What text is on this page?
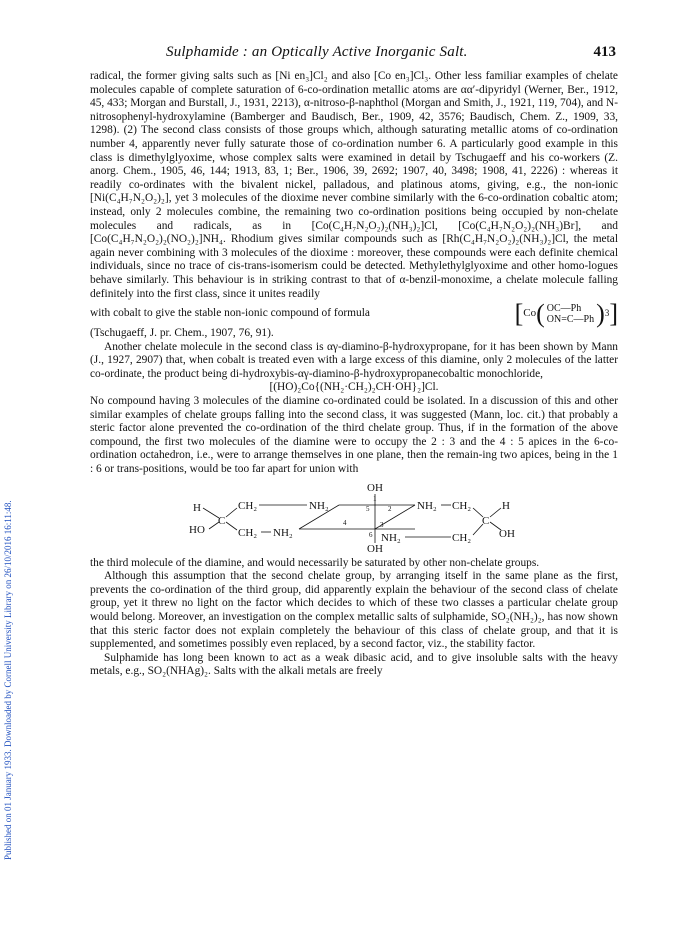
Published on 01 January 1933. Downloaded by Cornell University Library on 26/10/2016 16:11:48.
Sulphamide : an Optically Active Inorganic Salt.	413

radical, the former giving salts such as [Ni en₃]Cl₂ and also [Co en₃]Cl₃. Other less familiar examples of chelate molecules capable of complete saturation of 6-co-ordination metallic atoms are αα′-dipyridyl (Werner, Ber., 1912, 45, 433; Morgan and Burstall, J., 1931, 2213), α-nitroso-β-naphthol (Morgan and Smith, J., 1921, 119, 704), and N-nitrosophenyl-hydroxylamine (Bamberger and Baudisch, Ber., 1909, 42, 3576; Baudisch, Chem. Z., 1909, 33, 1298). (2) The second class consists of those groups which, although saturating metallic atoms of co-ordination number 4, apparently never fully saturate those of co-ordination number 6. A particularly good example in this class is dimethylglyoxime, whose complex salts were examined in detail by Tschugaeff and his co-workers (Z. anorg. Chem., 1905, 46, 144; 1913, 83, 1; Ber., 1906, 39, 2692; 1907, 40, 3498; 1908, 41, 2226) : whereas it readily co-ordinates with the bivalent nickel, palladous, and platinous atoms, giving, e.g., the non-ionic [Ni(C₄H₇N₂O₂)₂], yet 3 molecules of the dioxime never combine similarly with the 6-co-ordination cobaltic atom; instead, only 2 molecules combine, the remaining two co-ordination positions being occupied by non-chelate molecules and radicals, as in [Co(C₄H₇N₂O₂)₂(NH₃)₂]Cl, [Co(C₄H₇N₂O₂)₂(NH₃)Br], and [Co(C₄H₇N₂O₂)₂(NO₂)₂]NH₄. Rhodium gives similar compounds such as [Rh(C₄H₇N₂O₂)₂(NH₃)₂]Cl, the metal again never combining with 3 molecules of the dioxime : moreover, these compounds were each definite chemical individuals, since no trace of cis-trans-isomerism could be detected. Methylethylglyoxime and other homo-logues behave similarly. This behaviour is in striking contrast to that of α-benzil-monoxime, a chelate molecule falling definitely into the first class, since it unites readily

with cobalt to give the stable non-ionic compound of formula	[ Co ( OC—Ph
ON=C—Ph ) 3 ]

(Tschugaeff, J. pr. Chem., 1907, 76, 91).

Another chelate molecule in the second class is αγ-diamino-β-hydroxypropane, for it has been shown by Mann (J., 1927, 2907) that, when cobalt is treated even with a large excess of this diamine, only 2 molecules of the latter co-ordinate, the product being di-hydroxybis-αγ-diamino-β-hydroxypropanecobaltic monochloride,

[(HO)₂Co{(NH₂·CH₂)₂CH·OH}₂]Cl.

No compound having 3 molecules of the diamine co-ordinated could be isolated. In a discussion of this and other similar examples of chelate groups falling into the second class, it was suggested (Mann, loc. cit.) that probably a steric factor alone prevented the co-ordination of the third chelate group. Thus, if in the formation of the above compound, the first two molecules of the diamine were to occupy the 2 : 3 and the 4 : 5 apices in the 6-co-ordination octahedron, i.e., were to arrange themselves in one plane, then the remain-ing two apices, being in the 1 : 6 or trans-positions, would be too far apart for union with

OH
H
HO
C
CH₂
CH₂
NH₂
NH₂
1
2
3
4
5
6
NH₂
NH₂
CH₂
CH₂
C
H
OH
OH

the third molecule of the diamine, and would necessarily be saturated by other non-chelate groups.

Although this assumption that the second chelate group, by arranging itself in the same plane as the first, prevents the co-ordination of the third group, did apparently explain the behaviour of the second class of chelate group, yet it threw no light on the factor which decides to which of these two classes a particular chelate group would belong. Moreover, an investigation on the complex metallic salts of sulphamide, SO₂(NH₂)₂, has now shown that this steric factor does not explain completely the behaviour of this class of chelate group, and that it is supplemented, and sometimes possibly even replaced, by a second factor, viz., the stability factor.

Sulphamide has long been known to act as a weak dibasic acid, and to give insoluble salts with the heavy metals, e.g., SO₂(NHAg)₂. Salts with the alkali metals are freely
